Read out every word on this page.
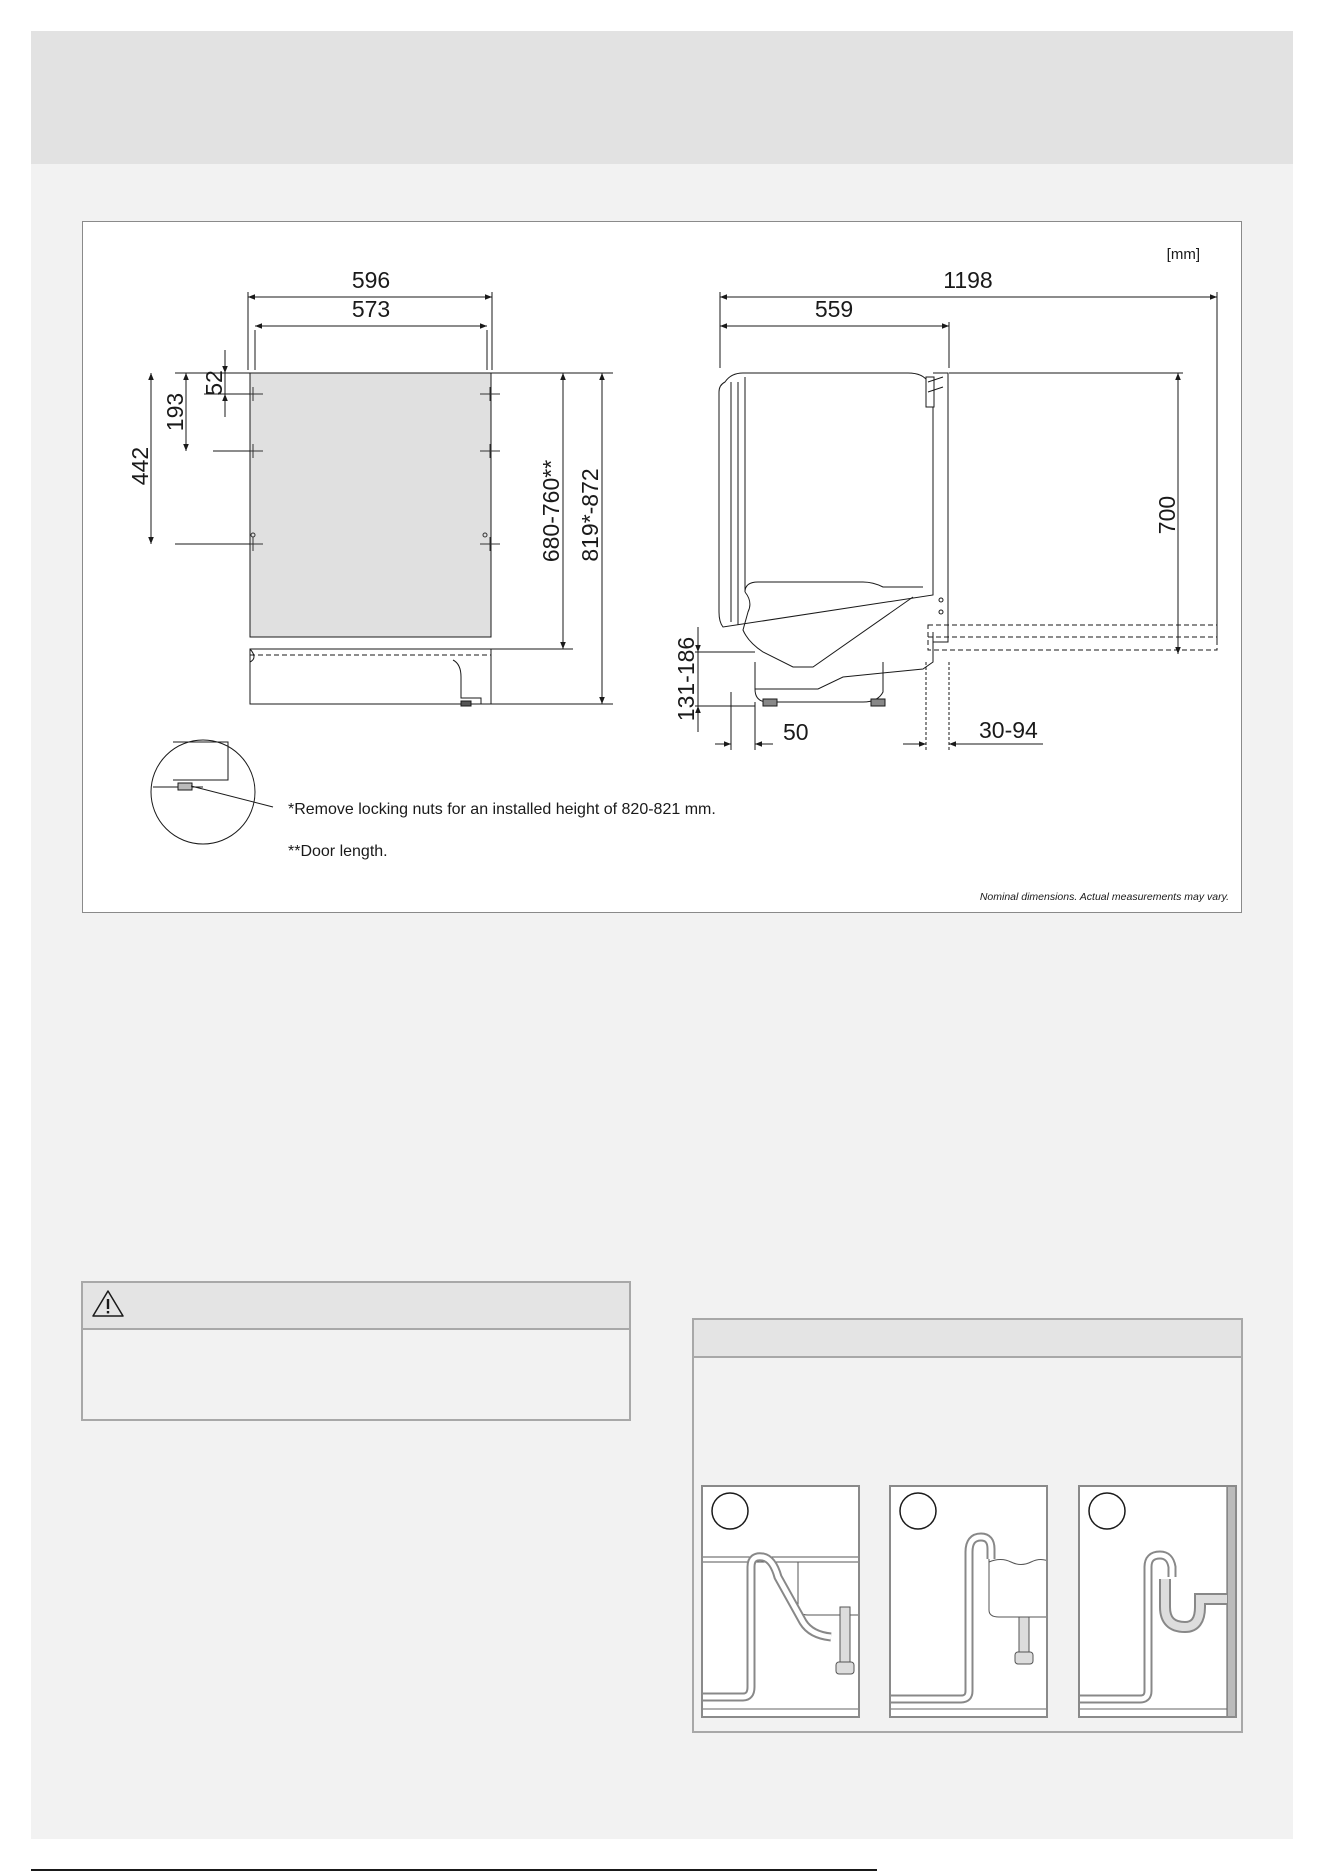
596
573
52
193
442	680-760** 819*-872
[mm]
1198
559
700
131-186
50	30-94
*Remove locking nuts for an installed height of 820-821 mm.
**Door length.
Nominal dimensions. Actual measurements may vary.
